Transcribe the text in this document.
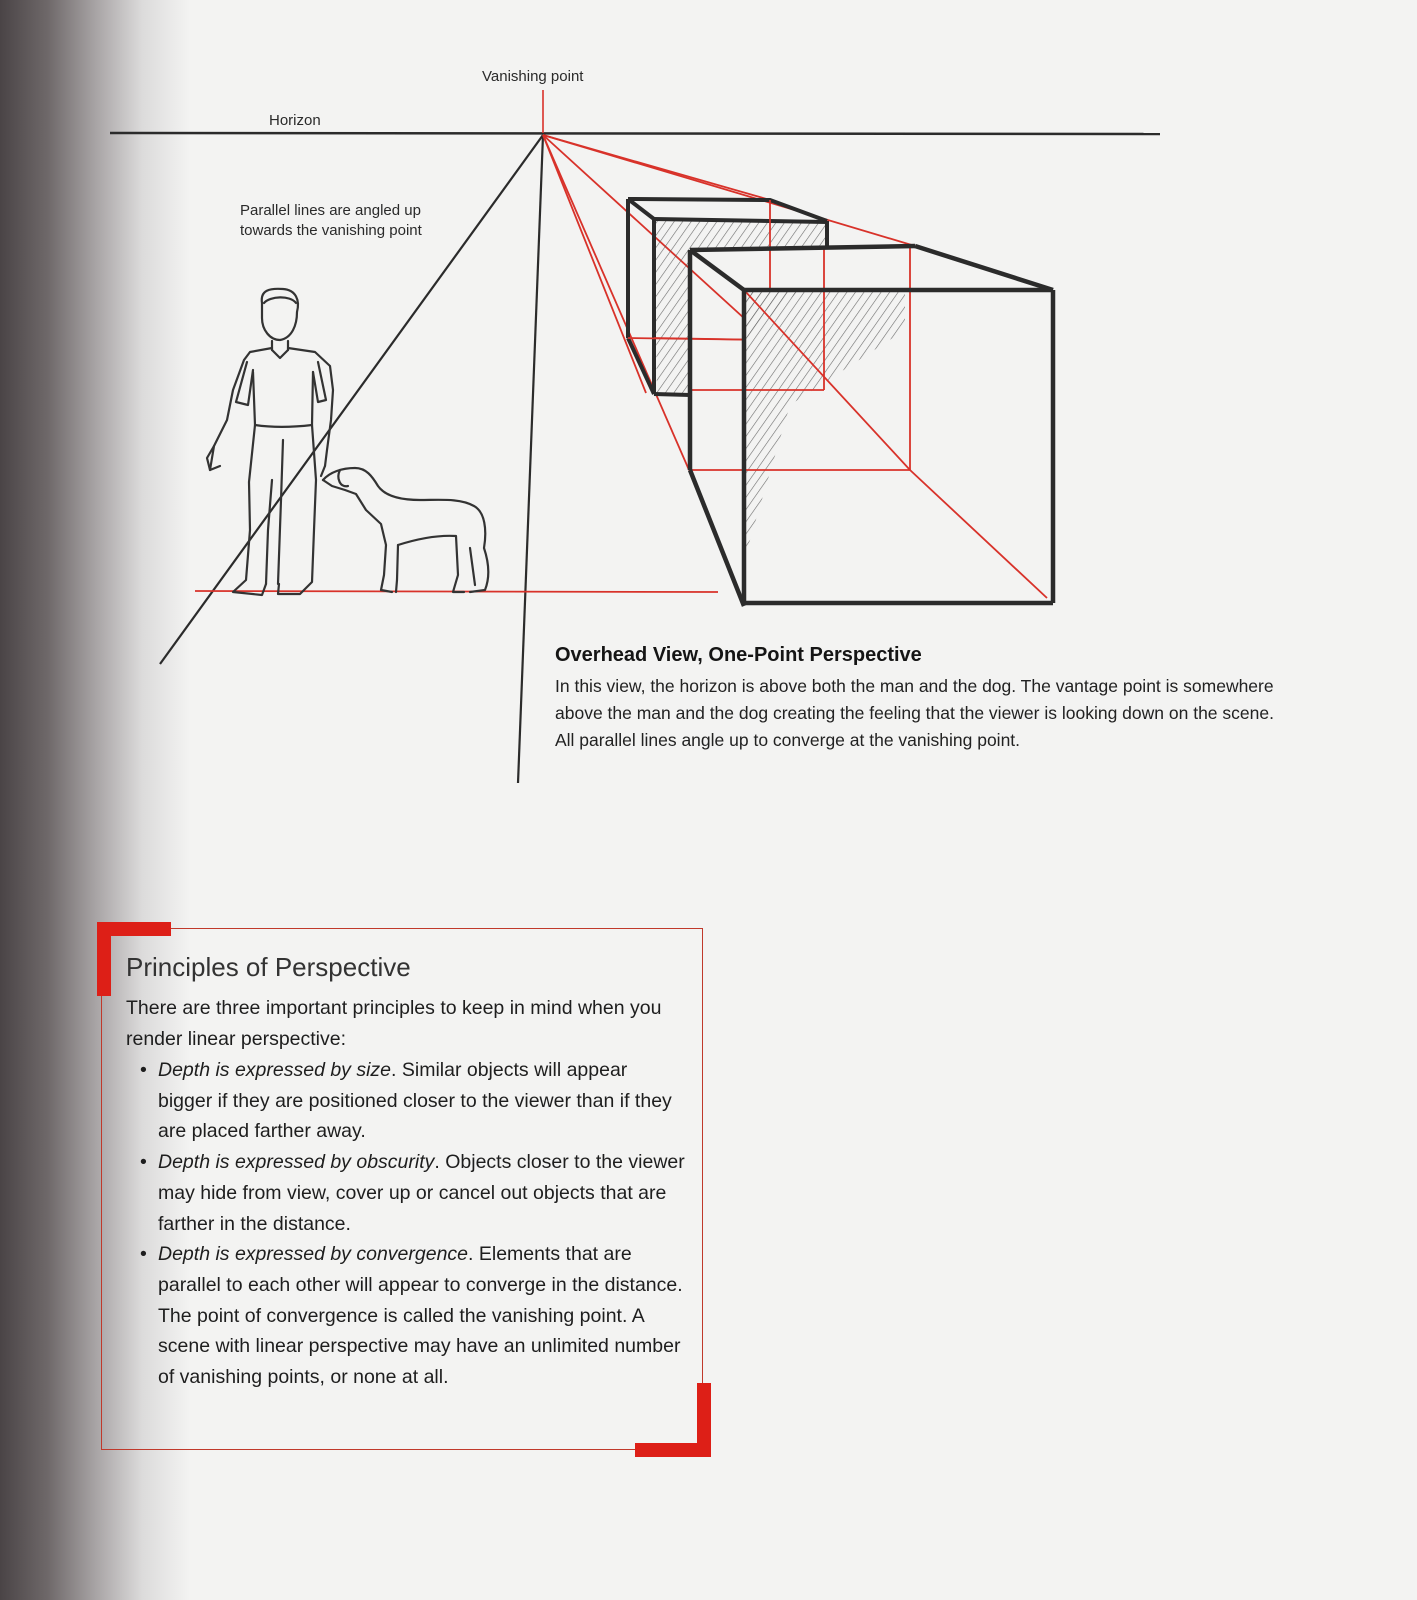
Vanishing point
Horizon
Parallel lines are angled up
towards the vanishing point
Overhead View, One-Point Perspective

In this view, the horizon is above both the man and the dog. The vantage point is somewhere
above the man and the dog creating the feeling that the viewer is looking down on the scene.
All parallel lines angle up to converge at the vanishing point.

Principles of Perspective

There are three important principles to keep in mind when you render linear perspective:

• Depth is expressed by size. Similar objects will appear bigger if they are positioned closer to the viewer than if they are placed farther away.
• Depth is expressed by obscurity. Objects closer to the viewer may hide from view, cover up or cancel out objects that are farther in the distance.
• Depth is expressed by convergence. Elements that are parallel to each other will appear to converge in the distance. The point of convergence is called the vanishing point. A scene with linear perspective may have an unlimited number of vanishing points, or none at all.
